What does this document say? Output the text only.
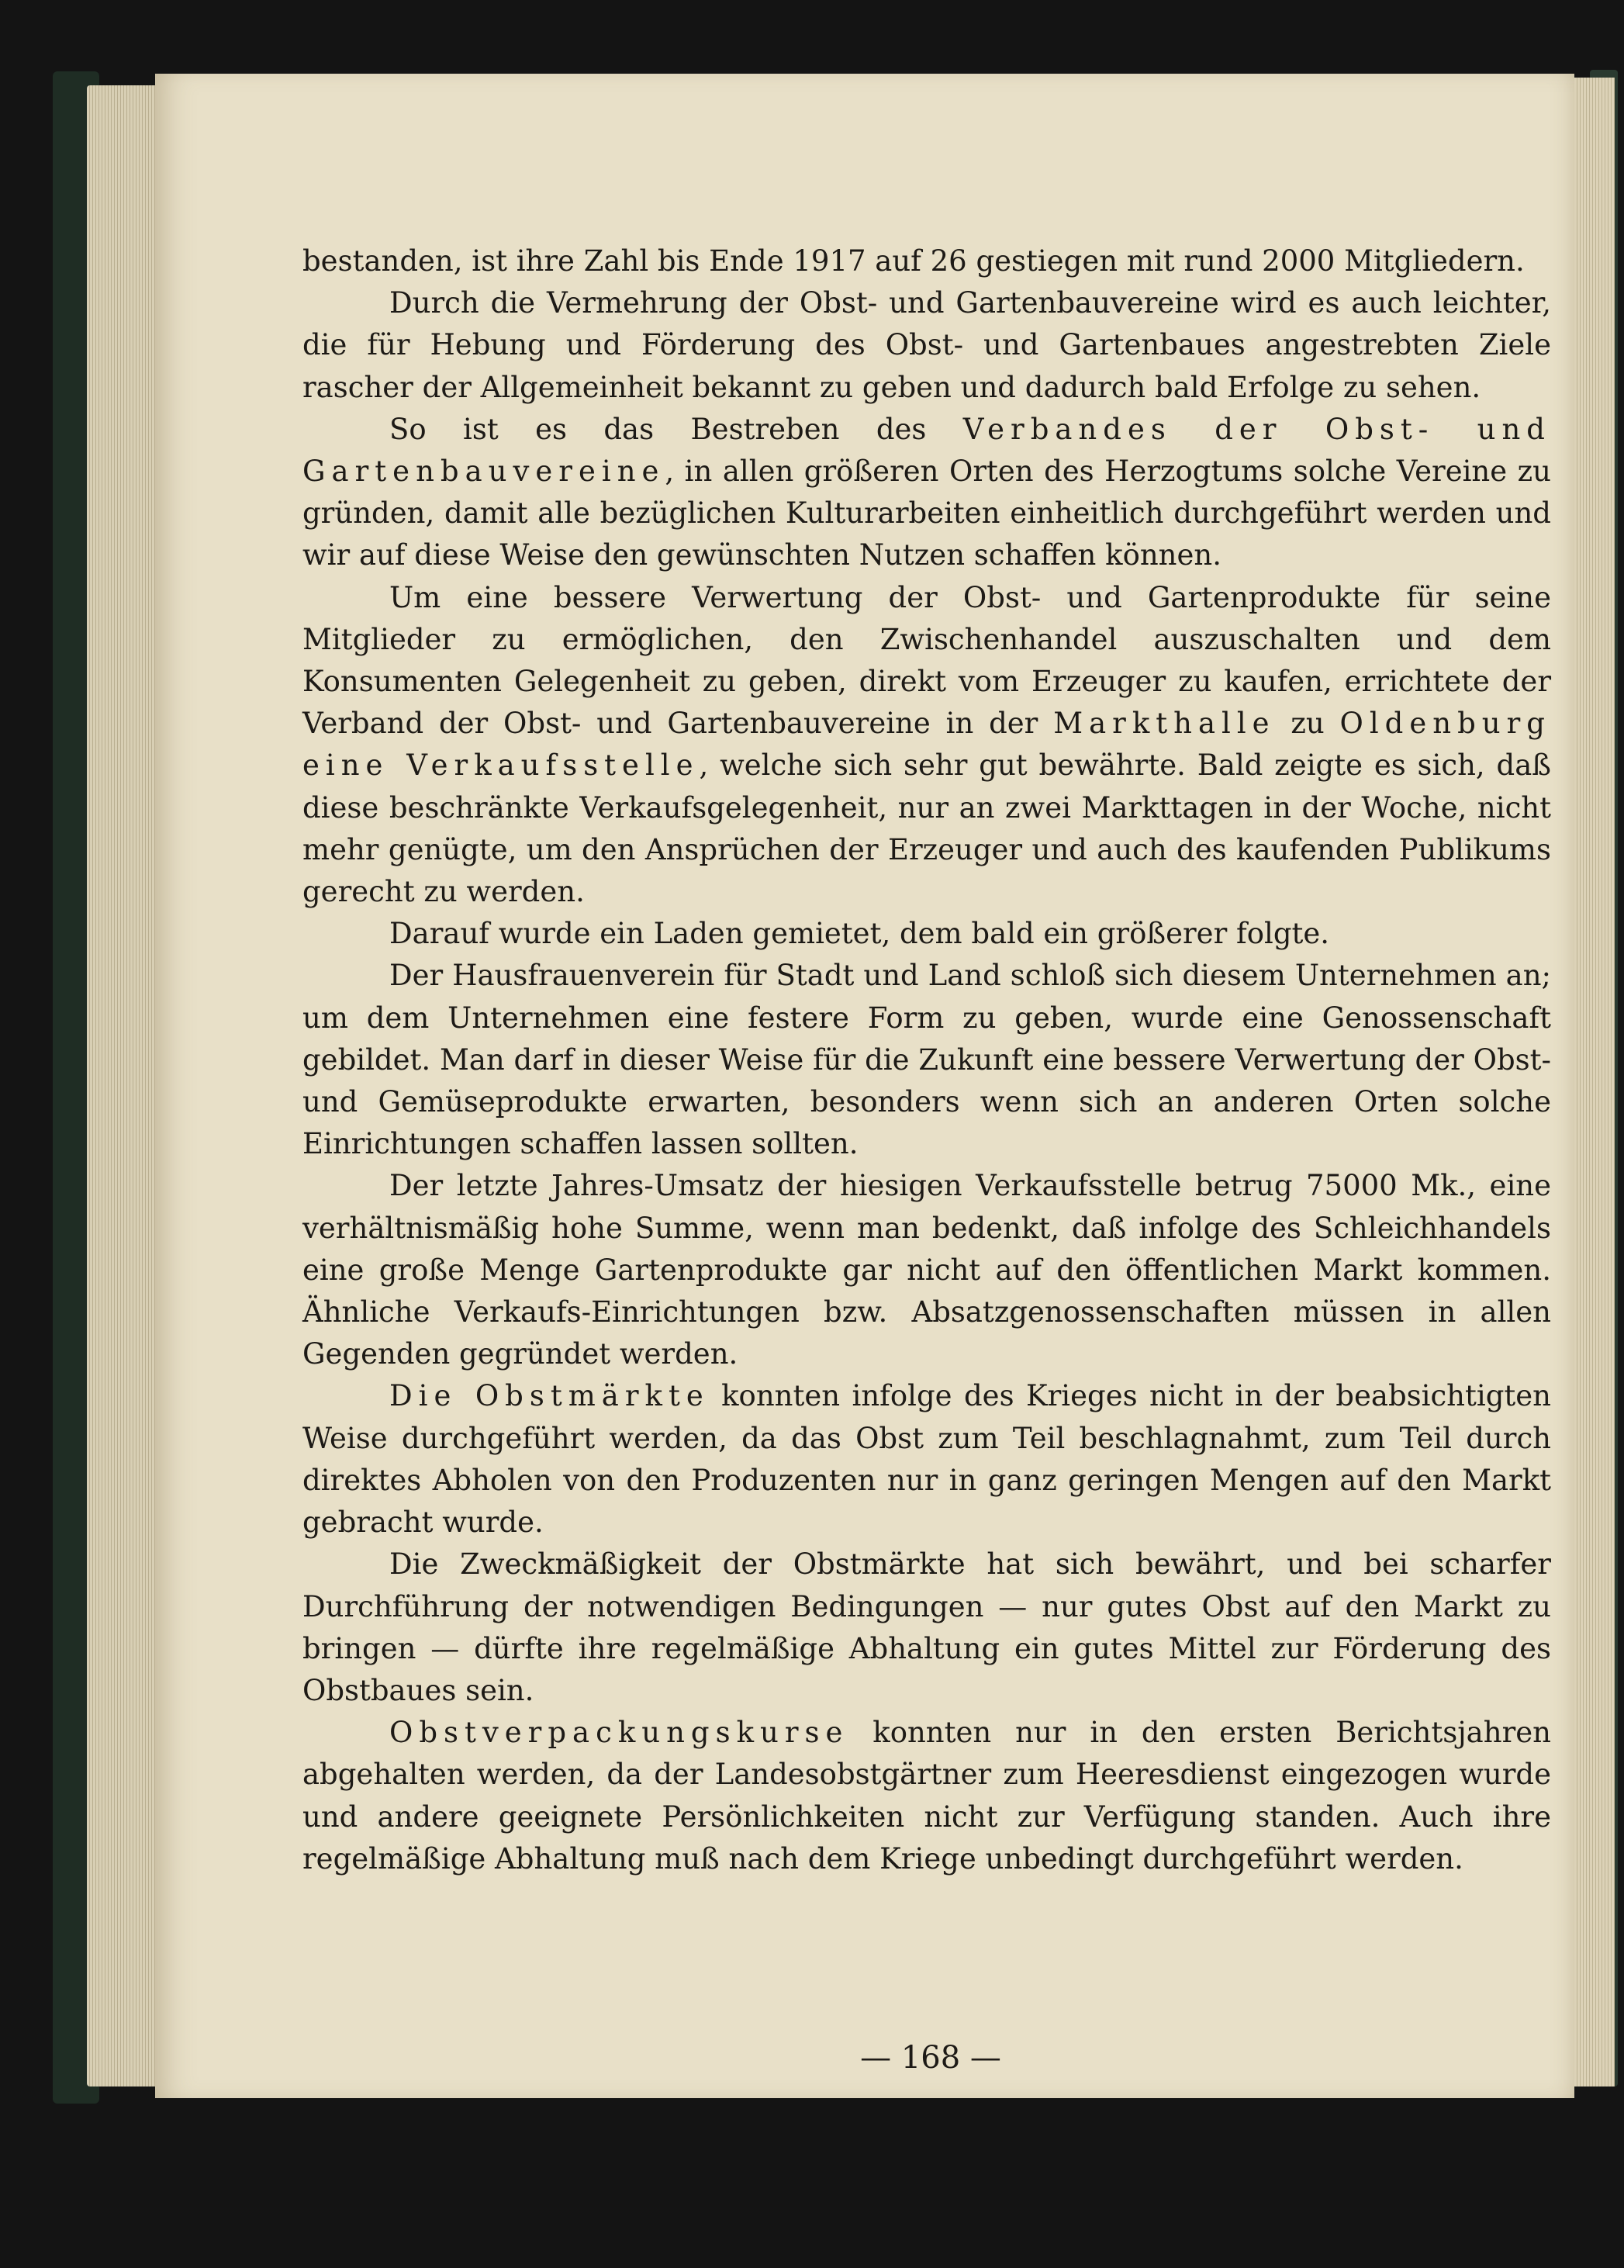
bestanden, ist ihre Zahl bis Ende 1917 auf 26 gestiegen mit rund 2000 Mitgliedern.

Durch die Vermehrung der Obst- und Gartenbauvereine wird es auch leichter, die für Hebung und Förderung des Obst- und Gartenbaues angestrebten Ziele rascher der Allgemeinheit bekannt zu geben und dadurch bald Erfolge zu sehen.

So ist es das Bestreben des Verbandes der Obst- und Gartenbauvereine, in allen größeren Orten des Herzogtums solche Vereine zu gründen, damit alle bezüglichen Kulturarbeiten einheitlich durchgeführt werden und wir auf diese Weise den gewünschten Nutzen schaffen können.

Um eine bessere Verwertung der Obst- und Gartenprodukte für seine Mitglieder zu ermöglichen, den Zwischenhandel auszuschalten und dem Konsumenten Gelegenheit zu geben, direkt vom Erzeuger zu kaufen, errichtete der Verband der Obst- und Gartenbauvereine in der Markthalle zu Oldenburg eine Verkaufsstelle, welche sich sehr gut bewährte. Bald zeigte es sich, daß diese beschränkte Verkaufsgelegenheit, nur an zwei Markttagen in der Woche, nicht mehr genügte, um den Ansprüchen der Erzeuger und auch des kaufenden Publikums gerecht zu werden.

Darauf wurde ein Laden gemietet, dem bald ein größerer folgte.

Der Hausfrauenverein für Stadt und Land schloß sich diesem Unternehmen an; um dem Unternehmen eine festere Form zu geben, wurde eine Genossenschaft gebildet. Man darf in dieser Weise für die Zukunft eine bessere Verwertung der Obst- und Gemüseprodukte erwarten, besonders wenn sich an anderen Orten solche Einrichtungen schaffen lassen sollten.

Der letzte Jahres-Umsatz der hiesigen Verkaufsstelle betrug 75000 Mk., eine verhältnismäßig hohe Summe, wenn man bedenkt, daß infolge des Schleichhandels eine große Menge Gartenprodukte gar nicht auf den öffentlichen Markt kommen. Ähnliche Verkaufs-Einrichtungen bzw. Absatzgenossenschaften müssen in allen Gegenden gegründet werden.

Die Obstmärkte konnten infolge des Krieges nicht in der beabsichtigten Weise durchgeführt werden, da das Obst zum Teil beschlagnahmt, zum Teil durch direktes Abholen von den Produzenten nur in ganz geringen Mengen auf den Markt gebracht wurde.

Die Zweckmäßigkeit der Obstmärkte hat sich bewährt, und bei scharfer Durchführung der notwendigen Bedingungen — nur gutes Obst auf den Markt zu bringen — dürfte ihre regelmäßige Abhaltung ein gutes Mittel zur Förderung des Obstbaues sein.

Obstverpackungskurse konnten nur in den ersten Berichtsjahren abgehalten werden, da der Landesobstgärtner zum Heeresdienst eingezogen wurde und andere geeignete Persönlichkeiten nicht zur Verfügung standen. Auch ihre regelmäßige Abhaltung muß nach dem Kriege unbedingt durchgeführt werden.

— 168 —
